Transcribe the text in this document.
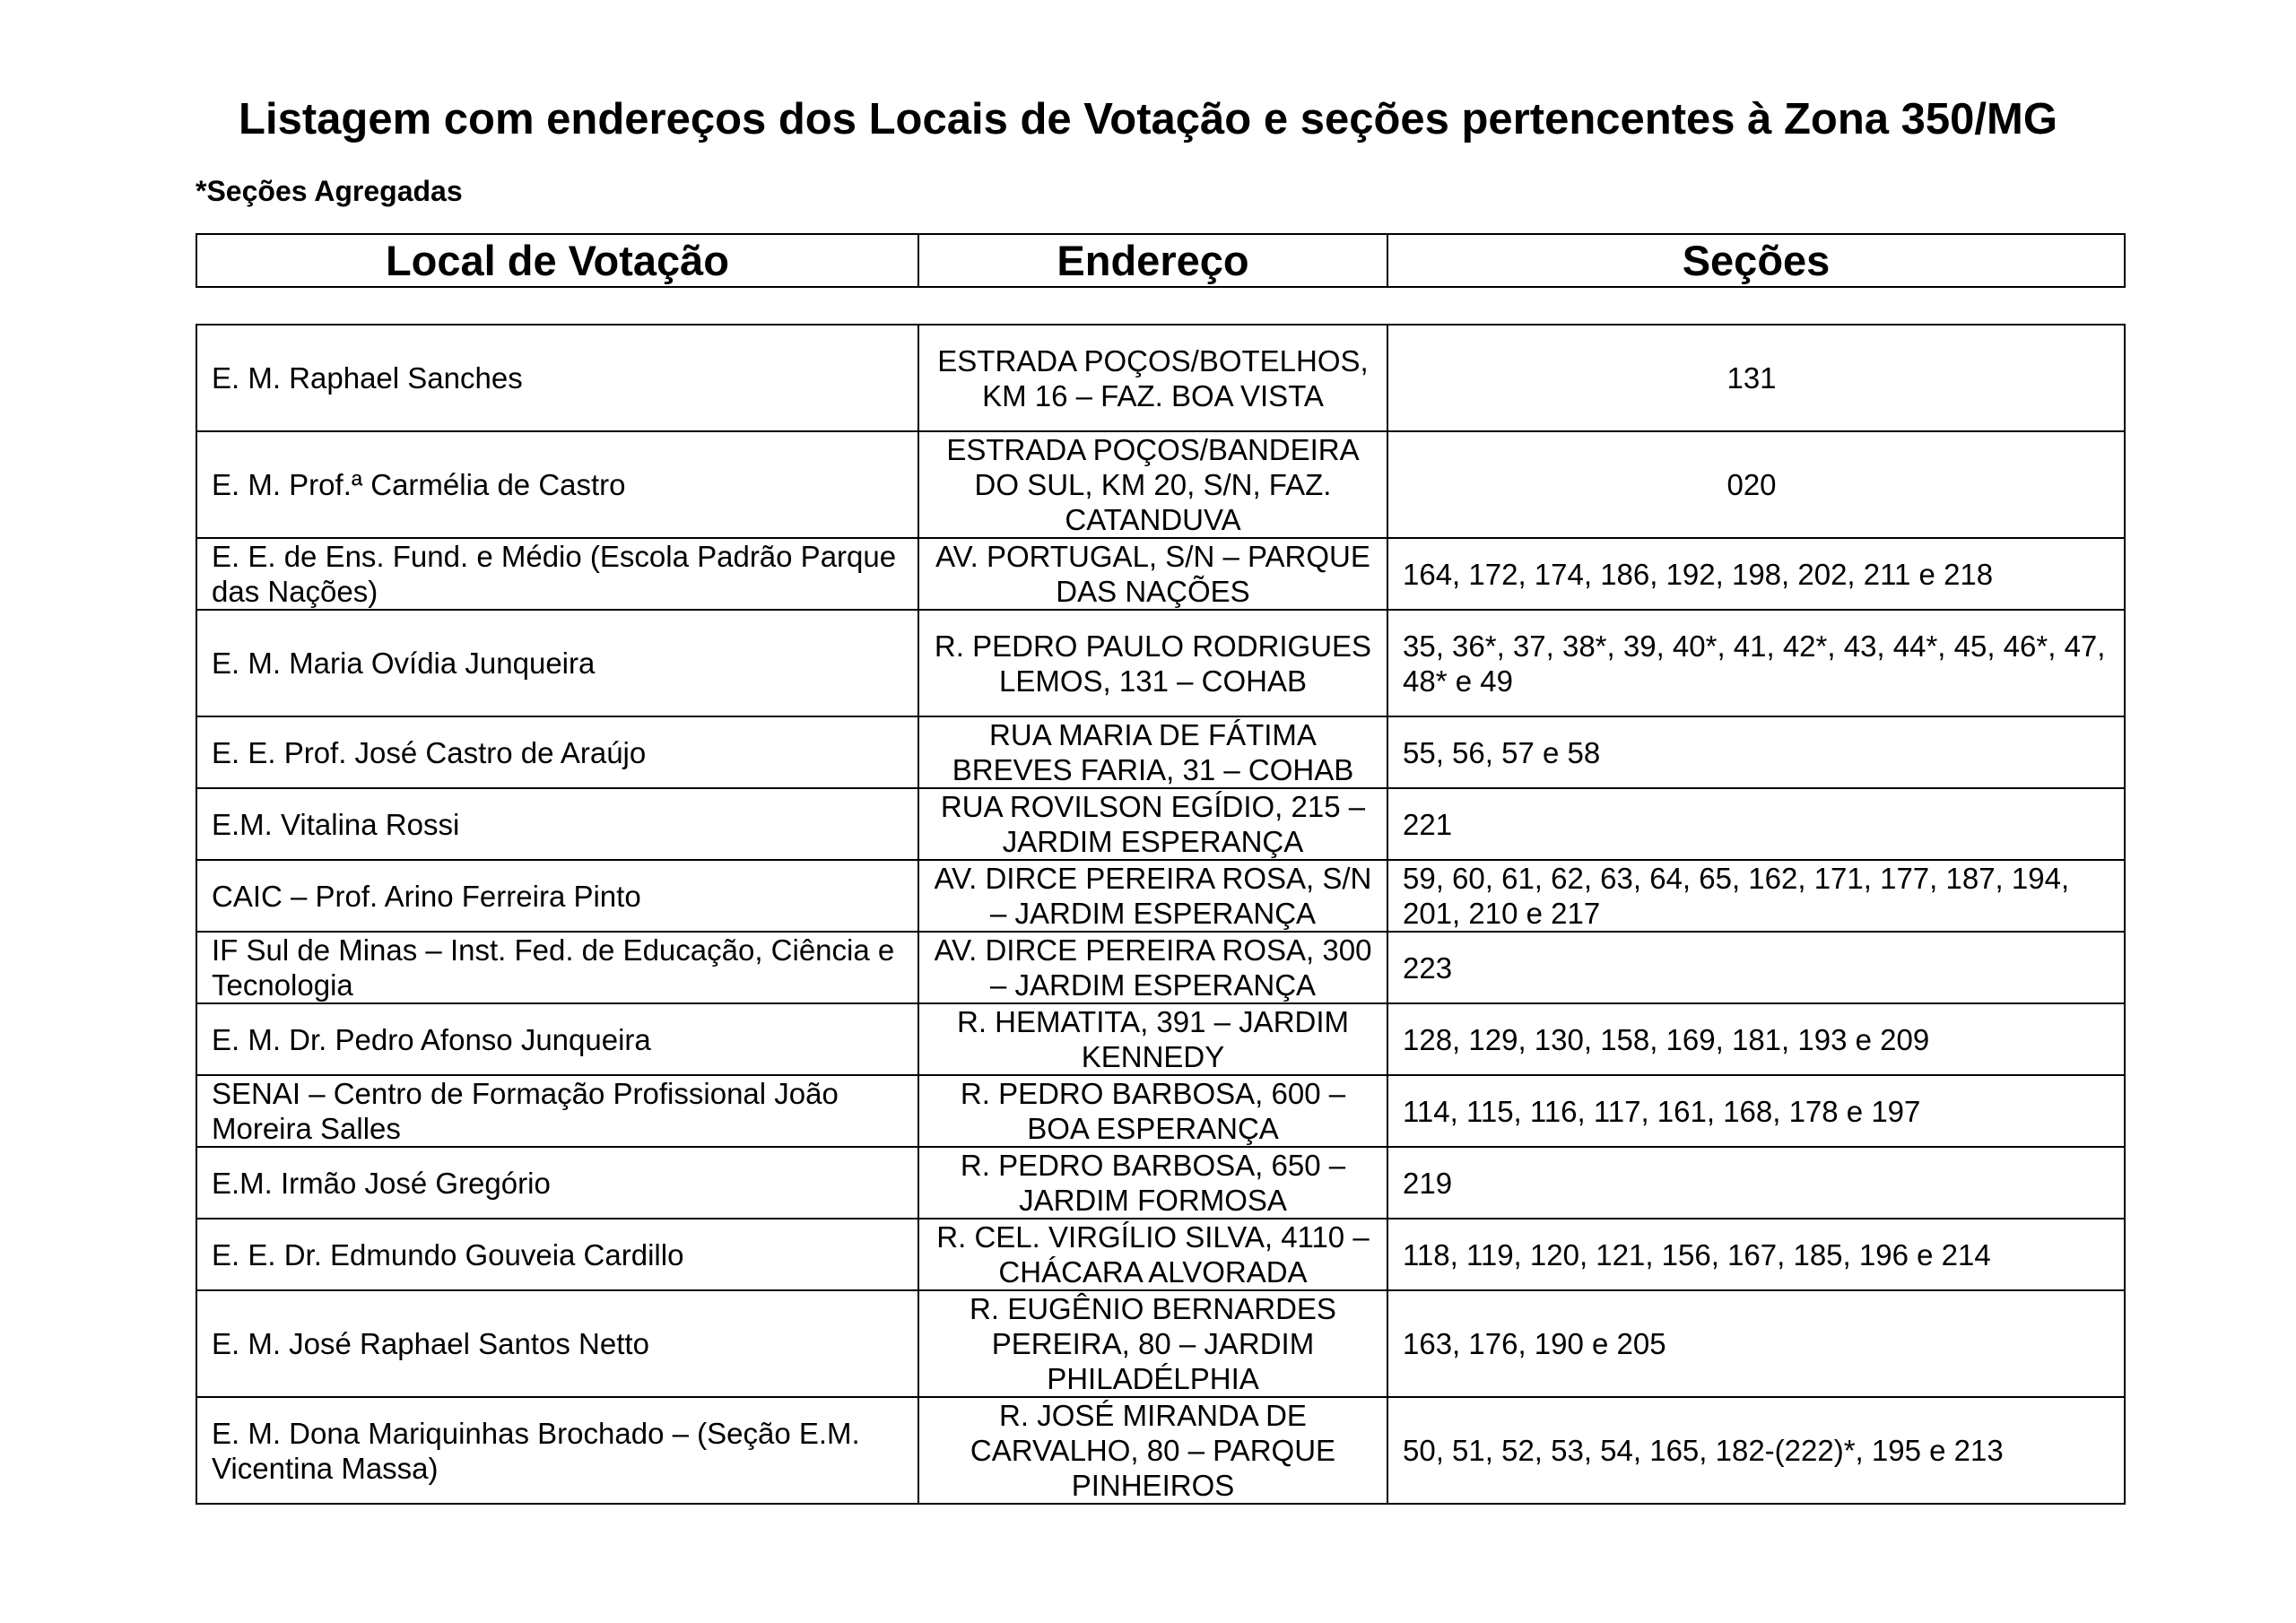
Listagem com endereços dos Locais de Votação e seções pertencentes à Zona 350/MG
*Seções Agregadas
Local de Votação	Endereço	Seções
E. M. Raphael Sanches	ESTRADA POÇOS/BOTELHOS, KM 16 – FAZ. BOA VISTA	131
E. M. Prof.ª Carmélia de Castro	ESTRADA POÇOS/BANDEIRA DO SUL, KM 20, S/N, FAZ. CATANDUVA	020
E. E. de Ens. Fund. e Médio (Escola Padrão Parque das Nações)	AV. PORTUGAL, S/N – PARQUE DAS NAÇÕES	164, 172, 174, 186, 192, 198, 202, 211 e 218
E. M. Maria Ovídia Junqueira	R. PEDRO PAULO RODRIGUES LEMOS, 131 – COHAB	35, 36*, 37, 38*, 39, 40*, 41, 42*, 43, 44*, 45, 46*, 47, 48* e 49
E. E. Prof. José Castro de Araújo	RUA MARIA DE FÁTIMA BREVES FARIA, 31 – COHAB	55, 56, 57 e 58
E.M. Vitalina Rossi	RUA ROVILSON EGÍDIO, 215 – JARDIM ESPERANÇA	221
CAIC – Prof. Arino Ferreira Pinto	AV. DIRCE PEREIRA ROSA, S/N – JARDIM ESPERANÇA	59, 60, 61, 62, 63, 64, 65, 162, 171, 177, 187, 194, 201, 210 e 217
IF Sul de Minas – Inst. Fed. de Educação, Ciência e Tecnologia	AV. DIRCE PEREIRA ROSA, 300 – JARDIM ESPERANÇA	223
E. M. Dr. Pedro Afonso Junqueira	R. HEMATITA, 391 – JARDIM KENNEDY	128, 129, 130, 158, 169, 181, 193 e 209
SENAI – Centro de Formação Profissional João Moreira Salles	R. PEDRO BARBOSA, 600 – BOA ESPERANÇA	114, 115, 116, 117, 161, 168, 178 e 197
E.M. Irmão José Gregório	R. PEDRO BARBOSA, 650 – JARDIM FORMOSA	219
E. E. Dr. Edmundo Gouveia Cardillo	R. CEL. VIRGÍLIO SILVA, 4110 – CHÁCARA ALVORADA	118, 119, 120, 121, 156, 167, 185, 196 e 214
E. M. José Raphael Santos Netto	R. EUGÊNIO BERNARDES PEREIRA, 80 – JARDIM PHILADÉLPHIA	163, 176, 190 e 205
E. M. Dona Mariquinhas Brochado – (Seção E.M. Vicentina Massa)	R. JOSÉ MIRANDA DE CARVALHO, 80 – PARQUE PINHEIROS	50, 51, 52, 53, 54, 165, 182-(222)*, 195 e 213
